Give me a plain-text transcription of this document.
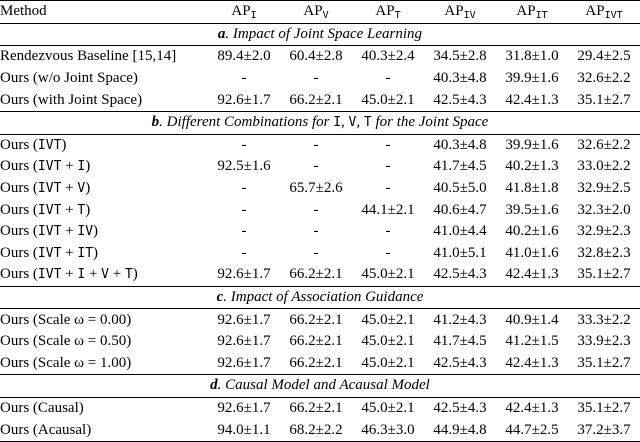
Method	$AP_I$	$AP_V$	$AP_T$	$AP_{IV}$	$AP_{IT}$	$AP_{IVT}$
a. Impact of Joint Space Learning						
Rendezvous Baseline [15,14]	89.4±2.0	60.4±2.8	40.3±2.4	34.5±2.8	31.8±1.0	29.4±2.5
Ours (w/o Joint Space)	-	-	-	40.3±4.8	39.9±1.6	32.6±2.2
Ours (with Joint Space)	92.6±1.7	66.2±2.1	45.0±2.1	42.5±4.3	42.4±1.3	35.1±2.7
b. Different Combinations for I, V, T for the Joint Space						
Ours (IVT)	-	-	-	40.3±4.8	39.9±1.6	32.6±2.2
Ours (IVT + I)	92.5±1.6	-	-	41.7±4.5	40.2±1.3	33.0±2.2
Ours (IVT + V)	-	65.7±2.6	-	40.5±5.0	41.8±1.8	32.9±2.5
Ours (IVT + T)	-	-	44.1±2.1	40.6±4.7	39.5±1.6	32.3±2.0
Ours (IVT + IV)	-	-	-	41.0±4.4	40.2±1.6	32.9±2.3
Ours (IVT + IT)	-	-	-	41.0±5.1	41.0±1.6	32.8±2.3
Ours (IVT + I + V + T)	92.6±1.7	66.2±2.1	45.0±2.1	42.5±4.3	42.4±1.3	35.1±2.7
c. Impact of Association Guidance						
Ours (Scale ω = 0.00)	92.6±1.7	66.2±2.1	45.0±2.1	41.2±4.3	40.9±1.4	33.3±2.2
Ours (Scale ω = 0.50)	92.6±1.7	66.2±2.1	45.0±2.1	41.7±4.5	41.2±1.5	33.9±2.3
Ours (Scale ω = 1.00)	92.6±1.7	66.2±2.1	45.0±2.1	42.5±4.3	42.4±1.3	35.1±2.7
d. Causal Model and Acausal Model						
Ours (Causal)	92.6±1.7	66.2±2.1	45.0±2.1	42.5±4.3	42.4±1.3	35.1±2.7
Ours (Acausal)	94.0±1.1	68.2±2.2	46.3±3.0	44.9±4.8	44.7±2.5	37.2±3.7
